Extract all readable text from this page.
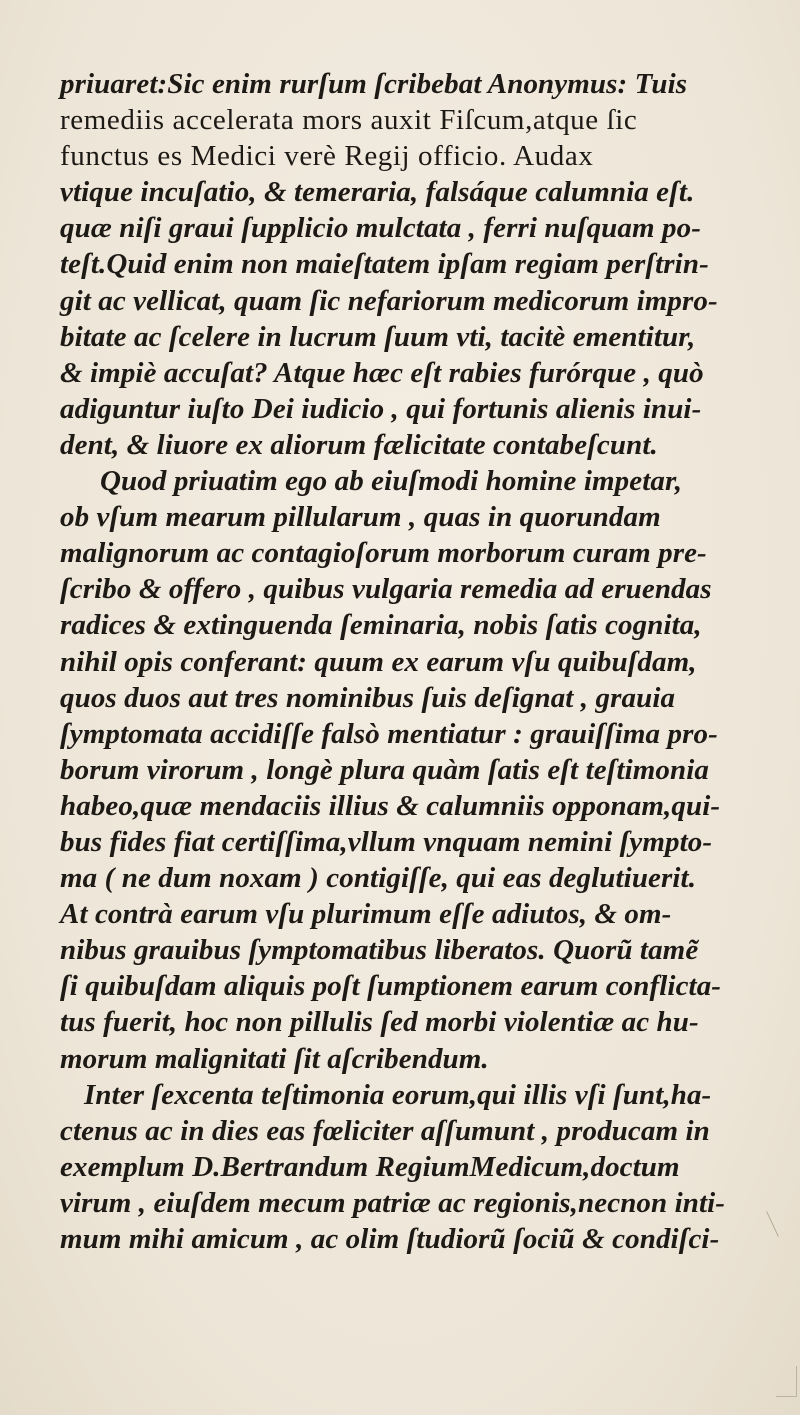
priuaret:Sic enim rurſum ſcribebat Anonymus: Tuis
remediis accelerata mors auxit Fiſcum,atque ſic
functus es Medici verè Regij officio. Audax
vtique incuſatio, & temeraria, falsáque calumnia eſt.
quæ niſi graui ſupplicio mulctata , ferri nuſquam po-
teſt.Quid enim non maieſtatem ipſam regiam perſtrin-
git ac vellicat, quam ſic nefariorum medicorum impro-
bitate ac ſcelere in lucrum ſuum vti, tacitè ementitur,
& impiè accuſat? Atque hæc eſt rabies furórque , quò
adiguntur iuſto Dei iudicio , qui fortunis alienis inui-
dent, & liuore ex aliorum fælicitate contabeſcunt.
Quod priuatim ego ab eiuſmodi homine impetar,
ob vſum mearum pillularum , quas in quorundam
malignorum ac contagioſorum morborum curam pre-
ſcribo & offero , quibus vulgaria remedia ad eruendas
radices & extinguenda ſeminaria, nobis ſatis cognita,
nihil opis conferant: quum ex earum vſu quibuſdam,
quos duos aut tres nominibus ſuis deſignat , grauia
ſymptomata accidiſſe falsò mentiatur : grauiſſima pro-
borum virorum , longè plura quàm ſatis eſt teſtimonia
habeo,quæ mendaciis illius & calumniis opponam,qui-
bus fides fiat certiſſima,vllum vnquam nemini ſympto-
ma ( ne dum noxam ) contigiſſe, qui eas deglutiuerit.
At contrà earum vſu plurimum eſſe adiutos, & om-
nibus grauibus ſymptomatibus liberatos. Quorũ tamẽ
ſi quibuſdam aliquis poſt ſumptionem earum conflicta-
tus fuerit, hoc non pillulis ſed morbi violentiæ ac hu-
morum malignitati ſit aſcribendum.
Inter ſexcenta teſtimonia eorum,qui illis vſi ſunt,ha-
ctenus ac in dies eas fœliciter aſſumunt , producam in
exemplum D.Bertrandum RegiumMedicum,doctum
virum , eiuſdem mecum patriæ ac regionis,necnon inti-
mum mihi amicum , ac olim ſtudiorũ ſociũ & condiſci-
